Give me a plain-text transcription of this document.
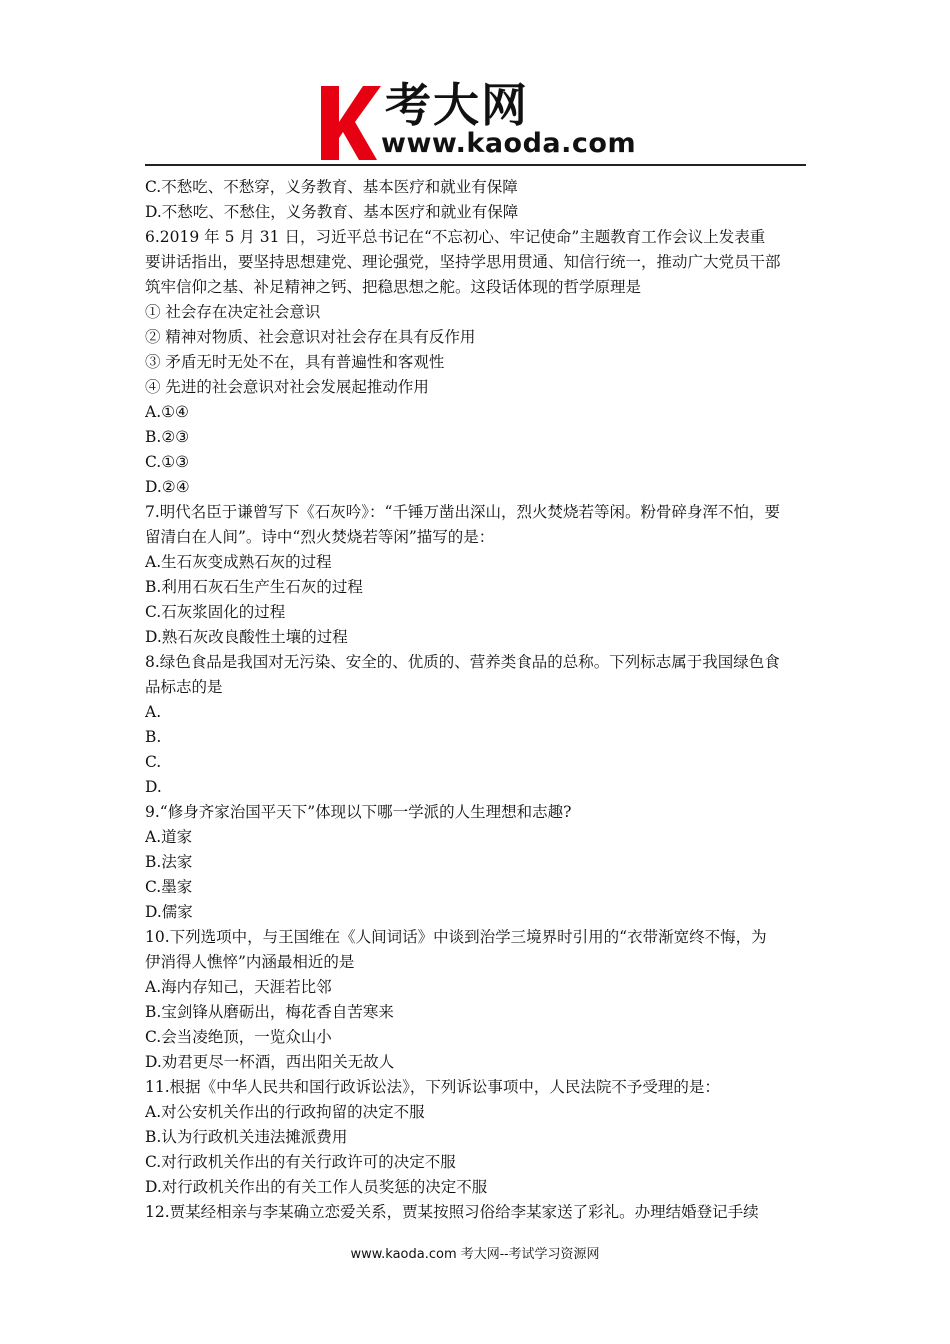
考大网
www.kaoda.com
C.不愁吃、不愁穿，义务教育、基本医疗和就业有保障
D.不愁吃、不愁住，义务教育、基本医疗和就业有保障
6.2019 年 5 月 31 日，习近平总书记在“不忘初心、牢记使命”主题教育工作会议上发表重
要讲话指出，要坚持思想建党、理论强党，坚持学思用贯通、知信行统一，推动广大党员干部
筑牢信仰之基、补足精神之钙、把稳思想之舵。这段话体现的哲学原理是
① 社会存在决定社会意识
② 精神对物质、社会意识对社会存在具有反作用
③ 矛盾无时无处不在，具有普遍性和客观性
④ 先进的社会意识对社会发展起推动作用
A.①④
B.②③
C.①③
D.②④
7.明代名臣于谦曾写下《石灰吟》：“千锤万凿出深山，烈火焚烧若等闲。粉骨碎身浑不怕，要
留清白在人间”。诗中“烈火焚烧若等闲”描写的是：
A.生石灰变成熟石灰的过程
B.利用石灰石生产生石灰的过程
C.石灰浆固化的过程
D.熟石灰改良酸性土壤的过程
8.绿色食品是我国对无污染、安全的、优质的、营养类食品的总称。下列标志属于我国绿色食
品标志的是
A.
B.
C.
D.
9.“修身齐家治国平天下”体现以下哪一学派的人生理想和志趣?
A.道家
B.法家
C.墨家
D.儒家
10.下列选项中，与王国维在《人间词话》中谈到治学三境界时引用的“衣带渐宽终不悔，为
伊消得人憔悴”内涵最相近的是
A.海内存知己，天涯若比邻
B.宝剑锋从磨砺出，梅花香自苦寒来
C.会当凌绝顶，一览众山小
D.劝君更尽一杯酒，西出阳关无故人
11.根据《中华人民共和国行政诉讼法》，下列诉讼事项中，人民法院不予受理的是：
A.对公安机关作出的行政拘留的决定不服
B.认为行政机关违法摊派费用
C.对行政机关作出的有关行政许可的决定不服
D.对行政机关作出的有关工作人员奖惩的决定不服
12.贾某经相亲与李某确立恋爱关系，贾某按照习俗给李某家送了彩礼。办理结婚登记手续
www.kaoda.com 考大网--考试学习资源网
